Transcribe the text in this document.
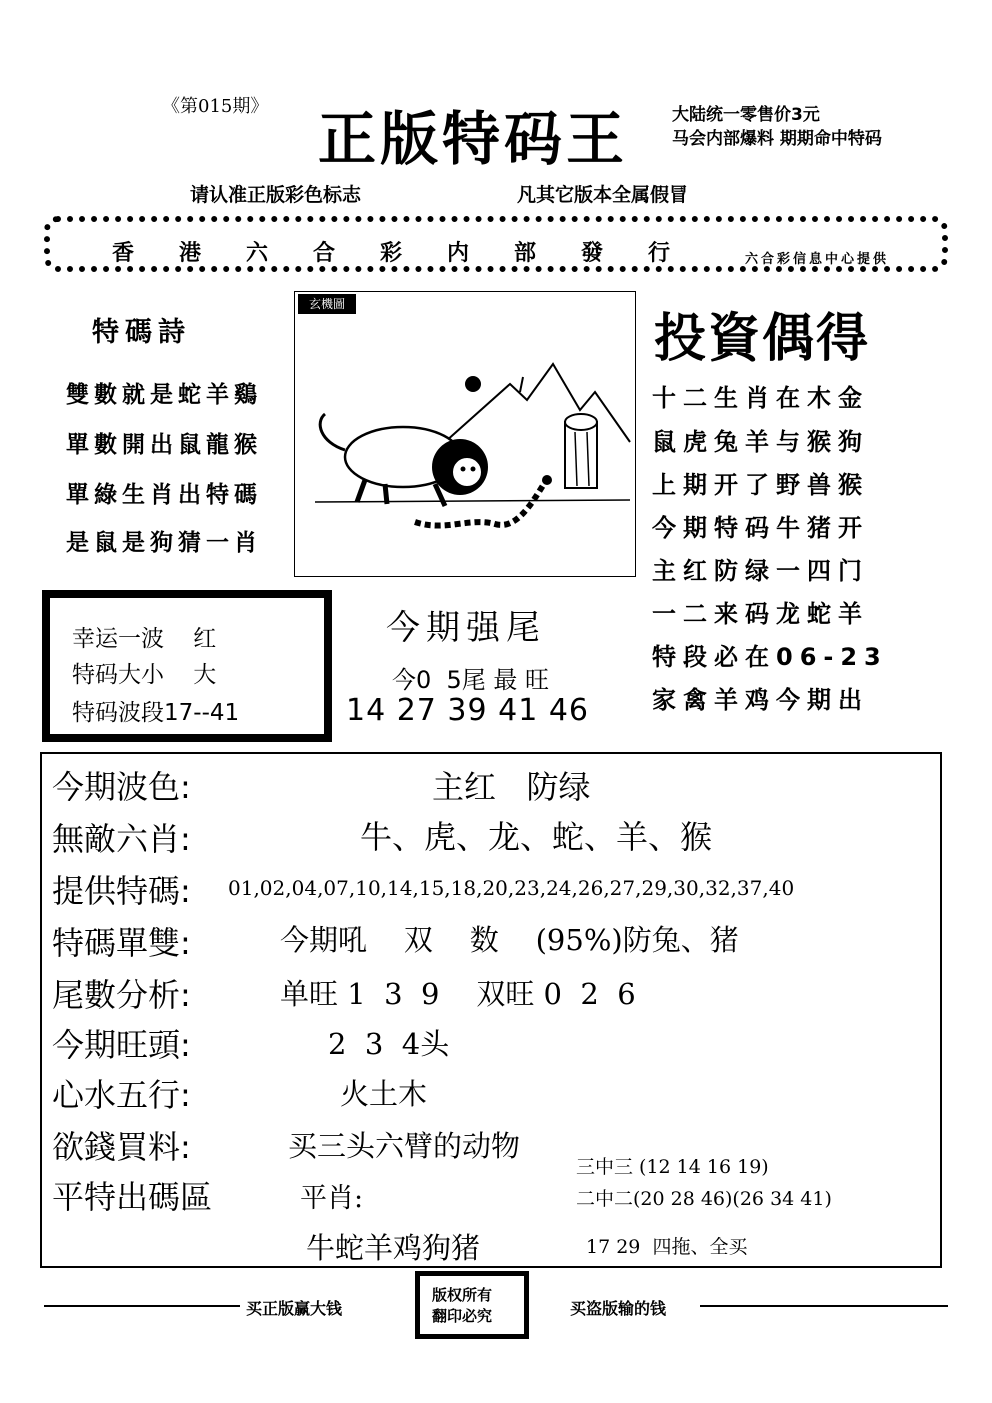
《第015期》 正版特码王	大陆统一零售价3元
马会内部爆料 期期命中特码
请认准正版彩色标志	凡其它版本全属假冒
香港六合彩内部發行 六合彩信息中心提供
特碼詩
雙數就是蛇羊鷄
單數開出鼠龍猴
單綠生肖出特碼
是鼠是狗猜一肖
玄機圖
投資偶得
十二生肖在木金
鼠虎兔羊与猴狗
上期开了野兽猴
今期特码牛猪开
主红防绿一四门
一二来码龙蛇羊
特段必在06-23
家禽羊鸡今期出
幸运一波    红
特码大小    大
特码波段17--41
今期强尾
今0  5尾 最 旺
14 27 39 41 46
今期波色:	主红   防绿
無敵六肖:	牛、虎、龙、蛇、羊、猴
提供特碼: 01,02,04,07,10,14,15,18,20,23,24,26,27,29,30,32,37,40
特碼單雙:	今期吼    双    数    (95%)防兔、猪
尾數分析:	单旺 1  3  9    双旺 0  2  6
今期旺頭:	2  3  4头
心水五行:	火土木
欲錢買料:	买三头六臂的动物
平特出碼區	平肖:
三中三 (12 14 16 19)
二中二(20 28 46)(26 34 41)
牛蛇羊鸡狗猪	17 29  四拖、全买
买正版赢大钱
版权所有
翻印必究	买盗版输的钱
